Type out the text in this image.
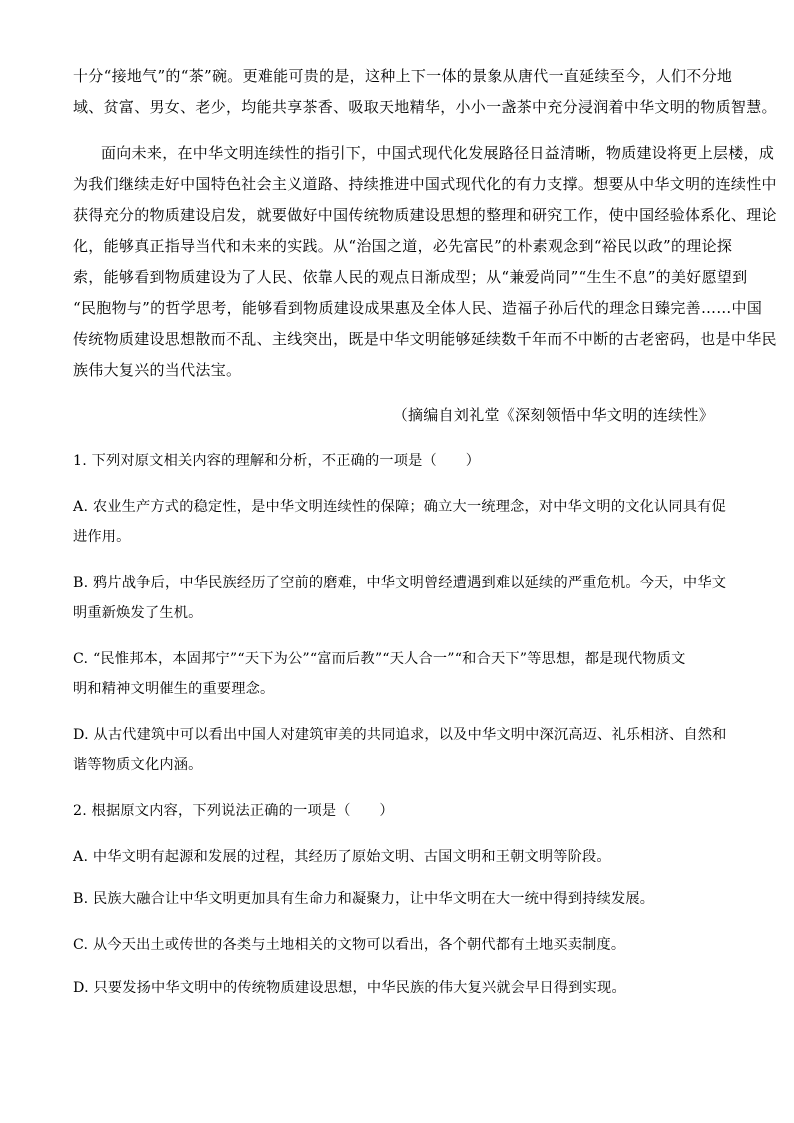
十分“接地气”的“茶”碗。更难能可贵的是，这种上下一体的景象从唐代一直延续至今，人们不分地
域、贫富、男女、老少，均能共享茶香、吸取天地精华，小小一盏茶中充分浸润着中华文明的物质智慧。
面向未来，在中华文明连续性的指引下，中国式现代化发展路径日益清晰，物质建设将更上层楼，成
为我们继续走好中国特色社会主义道路、持续推进中国式现代化的有力支撑。想要从中华文明的连续性中
获得充分的物质建设启发，就要做好中国传统物质建设思想的整理和研究工作，使中国经验体系化、理论
化，能够真正指导当代和未来的实践。从“治国之道，必先富民”的朴素观念到“裕民以政”的理论探
索，能够看到物质建设为了人民、依靠人民的观点日渐成型；从“兼爱尚同”“生生不息”的美好愿望到
“民胞物与”的哲学思考，能够看到物质建设成果惠及全体人民、造福子孙后代的理念日臻完善……中国
传统物质建设思想散而不乱、主线突出，既是中华文明能够延续数千年而不中断的古老密码，也是中华民
族伟大复兴的当代法宝。
（摘编自刘礼堂《深刻领悟中华文明的连续性》
1. 下列对原文相关内容的理解和分析，不正确的一项是（　　）
A. 农业生产方式的稳定性，是中华文明连续性的保障；确立大一统理念，对中华文明的文化认同具有促
进作用。
B. 鸦片战争后，中华民族经历了空前的磨难，中华文明曾经遭遇到难以延续的严重危机。今天，中华文
明重新焕发了生机。
C. “民惟邦本，本固邦宁”“天下为公”“富而后教”“天人合一”“和合天下”等思想，都是现代物质文
明和精神文明催生的重要理念。
D. 从古代建筑中可以看出中国人对建筑审美的共同追求，以及中华文明中深沉高迈、礼乐相济、自然和
谐等物质文化内涵。
2. 根据原文内容，下列说法正确的一项是（　　）
A. 中华文明有起源和发展的过程，其经历了原始文明、古国文明和王朝文明等阶段。
B. 民族大融合让中华文明更加具有生命力和凝聚力，让中华文明在大一统中得到持续发展。
C. 从今天出土或传世的各类与土地相关的文物可以看出，各个朝代都有土地买卖制度。
D. 只要发扬中华文明中的传统物质建设思想，中华民族的伟大复兴就会早日得到实现。
